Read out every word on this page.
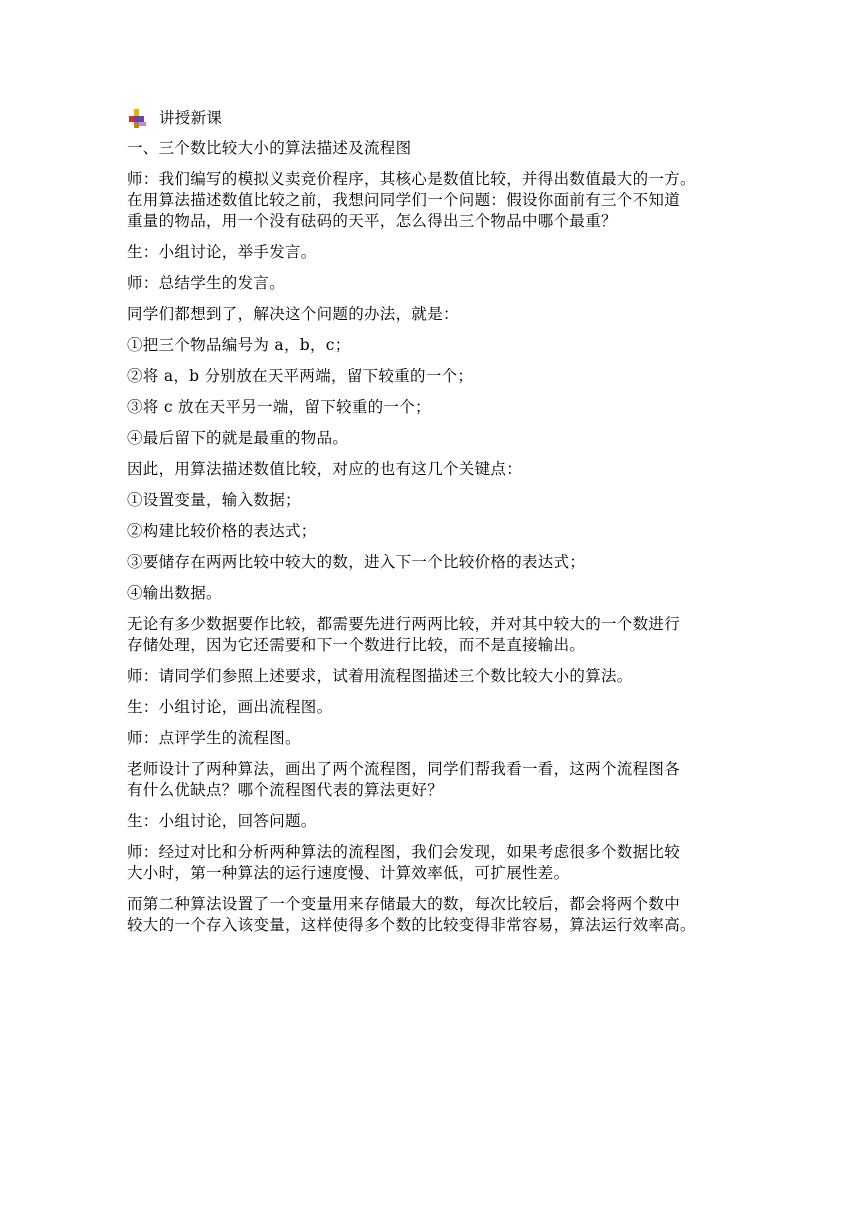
讲授新课

一、三个数比较大小的算法描述及流程图

师：我们编写的模拟义卖竞价程序，其核心是数值比较，并得出数值最大的一方。

在用算法描述数值比较之前，我想问同学们一个问题：假设你面前有三个不知道

重量的物品，用一个没有砝码的天平，怎么得出三个物品中哪个最重？

生：小组讨论，举手发言。

师：总结学生的发言。

同学们都想到了，解决这个问题的办法，就是：

①把三个物品编号为 a，b，c；

②将 a，b 分别放在天平两端，留下较重的一个；

③将 c 放在天平另一端，留下较重的一个；

④最后留下的就是最重的物品。

因此，用算法描述数值比较，对应的也有这几个关键点：

①设置变量，输入数据；

②构建比较价格的表达式；

③要储存在两两比较中较大的数，进入下一个比较价格的表达式；

④输出数据。

无论有多少数据要作比较，都需要先进行两两比较，并对其中较大的一个数进行

存储处理，因为它还需要和下一个数进行比较，而不是直接输出。

师：请同学们参照上述要求，试着用流程图描述三个数比较大小的算法。

生：小组讨论，画出流程图。

师：点评学生的流程图。

老师设计了两种算法，画出了两个流程图，同学们帮我看一看，这两个流程图各

有什么优缺点？哪个流程图代表的算法更好？

生：小组讨论，回答问题。

师：经过对比和分析两种算法的流程图，我们会发现，如果考虑很多个数据比较

大小时，第一种算法的运行速度慢、计算效率低，可扩展性差。

而第二种算法设置了一个变量用来存储最大的数，每次比较后，都会将两个数中

较大的一个存入该变量，这样使得多个数的比较变得非常容易，算法运行效率高。
